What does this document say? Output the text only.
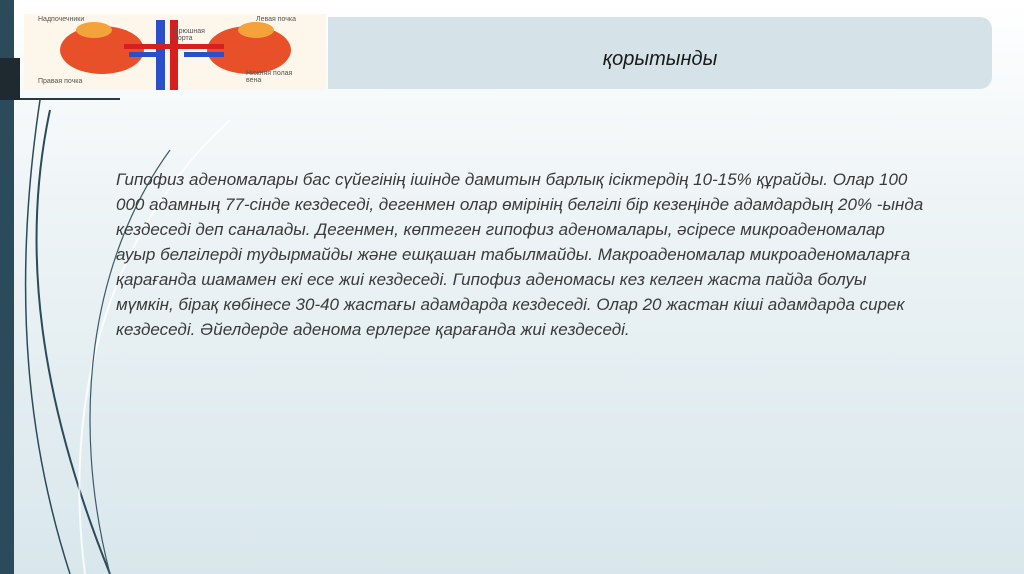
Надпочечники	Левая почка
Брюшная аорта
Правая почка
Нижняя полая вена
қорытынды

Гипофиз аденомалары бас сүйегінің ішінде дамитын барлық ісіктердің 10-15% құрайды. Олар 100 000 адамның 77-сінде кездеседі, дегенмен олар өмірінің белгілі бір кезеңінде адамдардың 20% -ында кездеседі деп саналады. Дегенмен, көптеген гипофиз аденомалары, әсіресе микроаденомалар ауыр белгілерді тудырмайды және ешқашан табылмайды. Макроаденомалар микроаденомаларға қарағанда шамамен екі есе жиі кездеседі. Гипофиз аденомасы кез келген жаста пайда болуы мүмкін, бірақ көбінесе 30-40 жастағы адамдарда кездеседі. Олар 20 жастан кіші адамдарда сирек кездеседі. Әйелдерде аденома ерлерге қарағанда жиі кездеседі.
